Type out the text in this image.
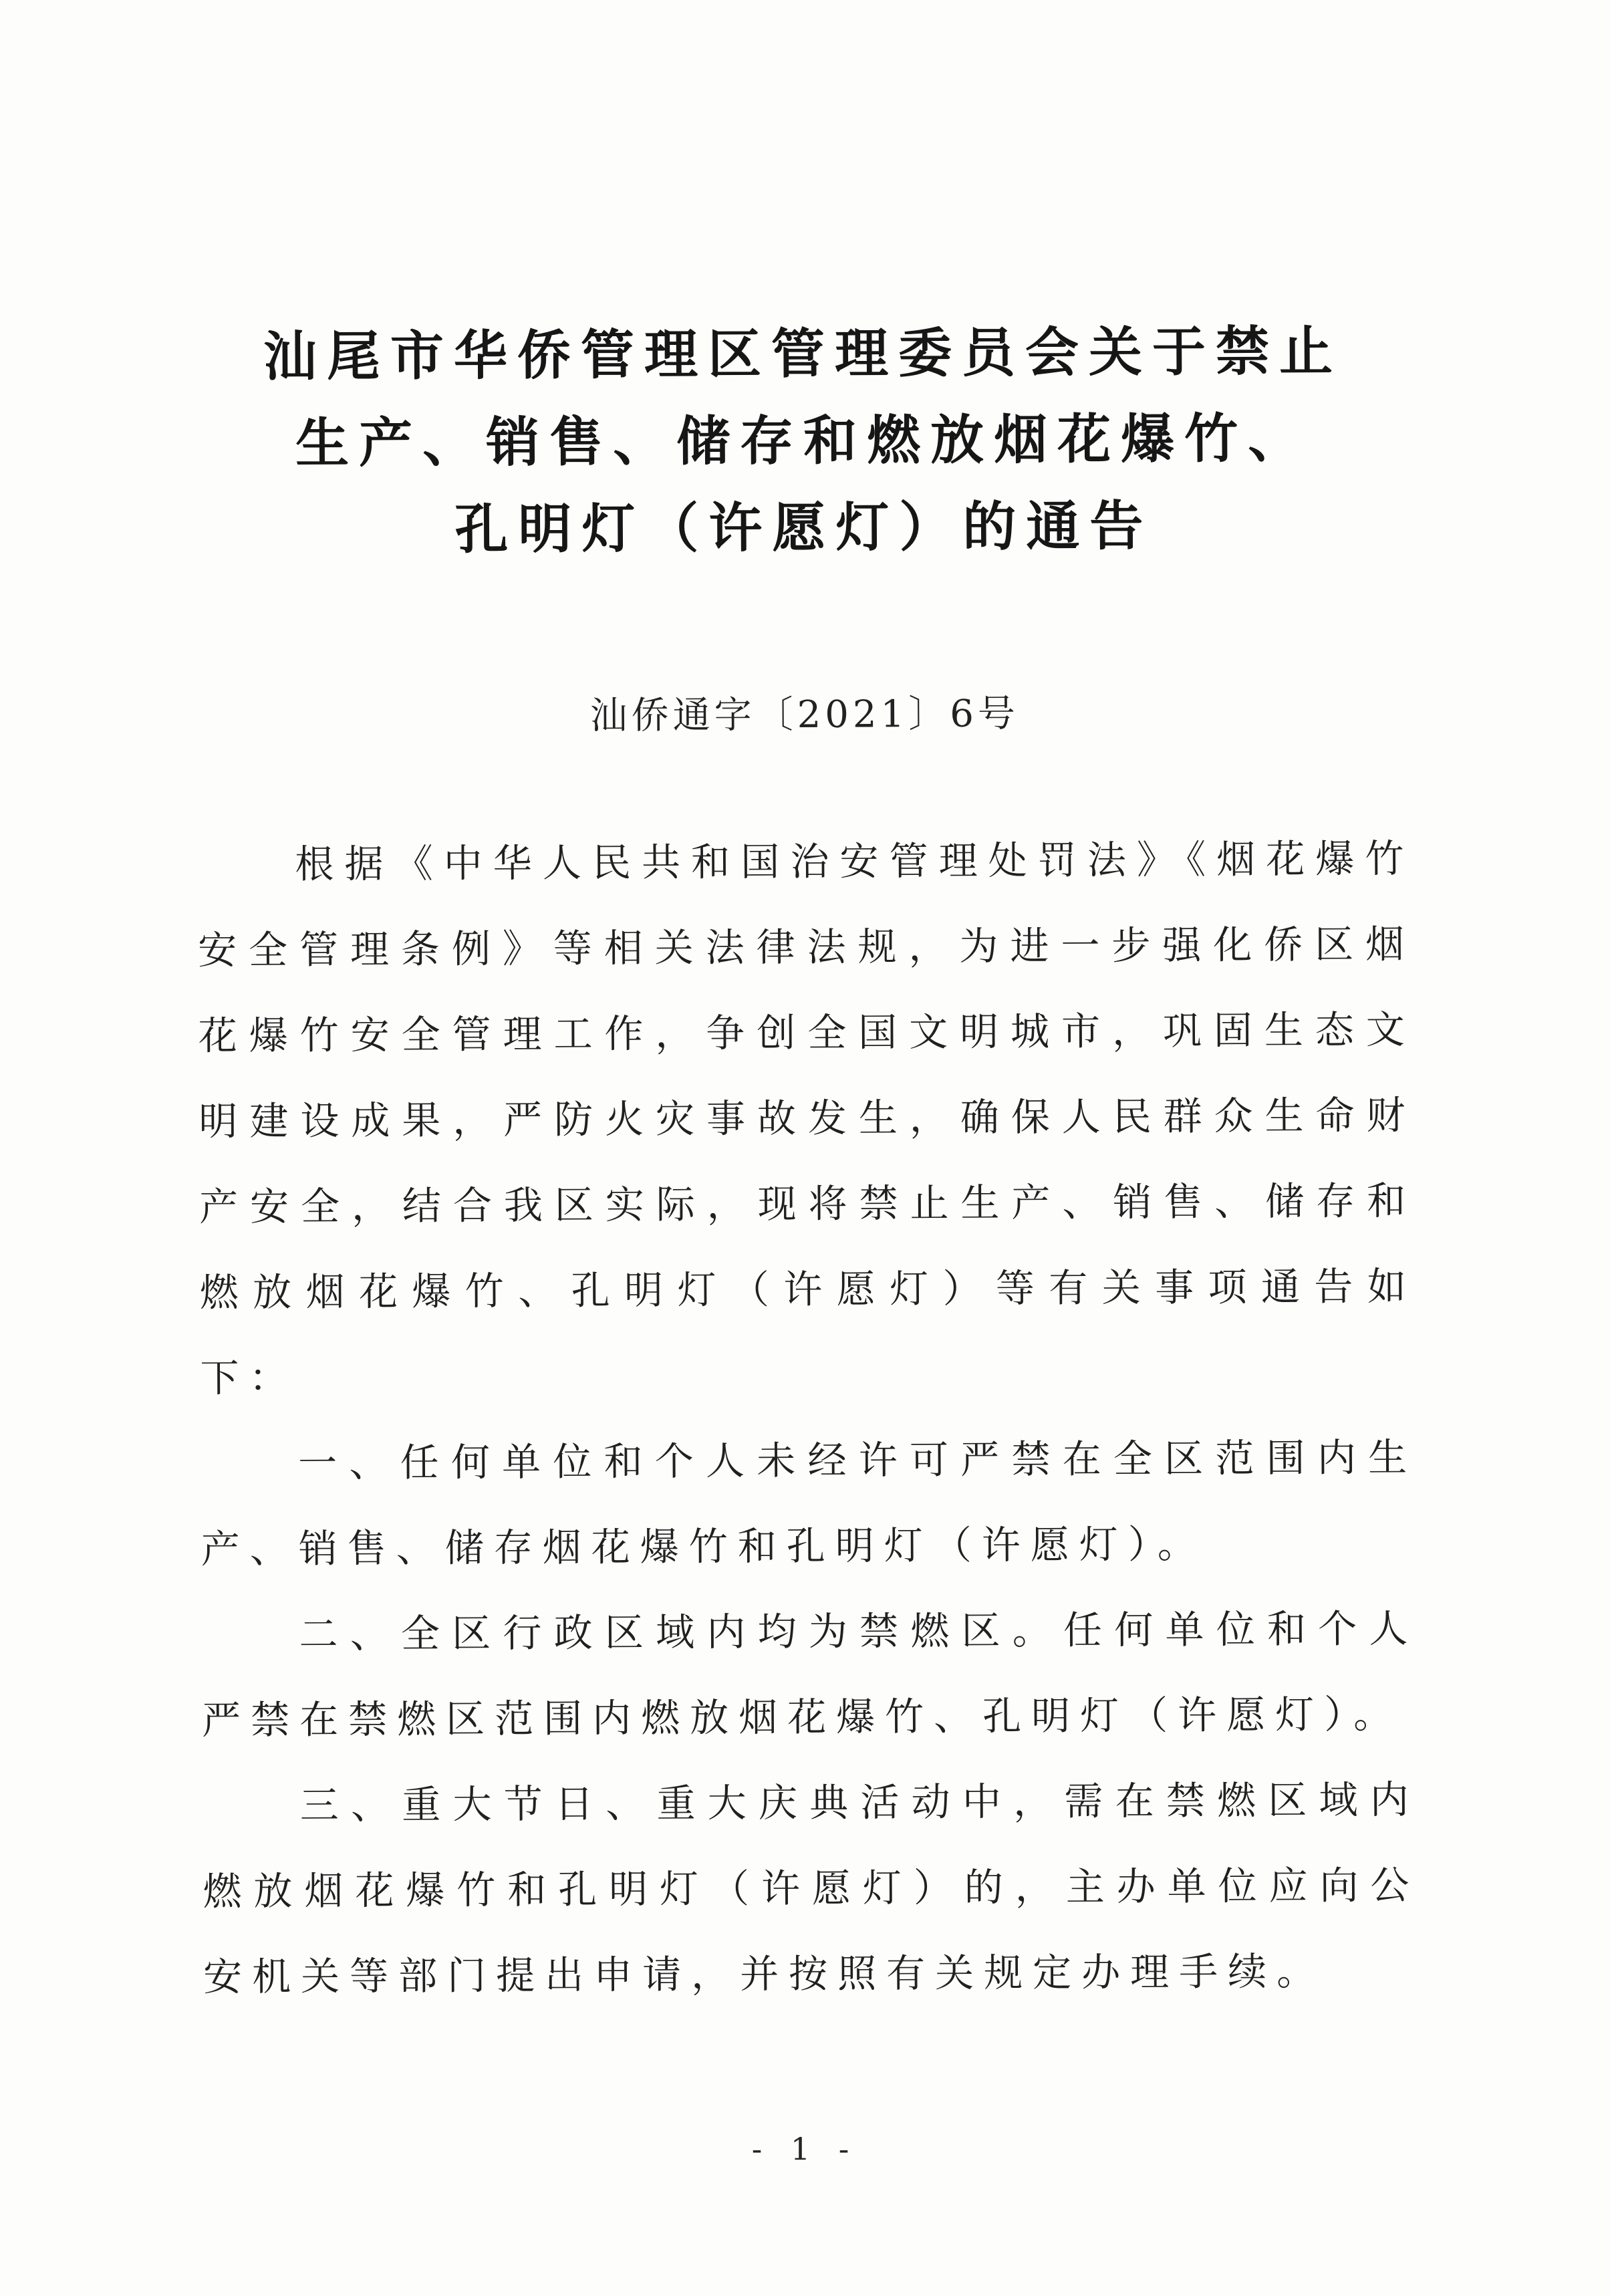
汕尾市华侨管理区管理委员会关于禁止
生产、销售、储存和燃放烟花爆竹、
孔明灯（许愿灯）的通告
汕侨通字〔2021〕6号

根据《中华人民共和国治安管理处罚法》《烟花爆竹安全管理条例》等相关法律法规，为进一步强化侨区烟花爆竹安全管理工作，争创全国文明城市，巩固生态文明建设成果，严防火灾事故发生，确保人民群众生命财产安全，结合我区实际，现将禁止生产、销售、储存和燃放烟花爆竹、孔明灯（许愿灯）等有关事项通告如下：

一、任何单位和个人未经许可严禁在全区范围内生产、销售、储存烟花爆竹和孔明灯（许愿灯）。

二、全区行政区域内均为禁燃区。任何单位和个人严禁在禁燃区范围内燃放烟花爆竹、孔明灯（许愿灯）。

三、重大节日、重大庆典活动中，需在禁燃区域内燃放烟花爆竹和孔明灯（许愿灯）的，主办单位应向公安机关等部门提出申请，并按照有关规定办理手续。

- 1 -
